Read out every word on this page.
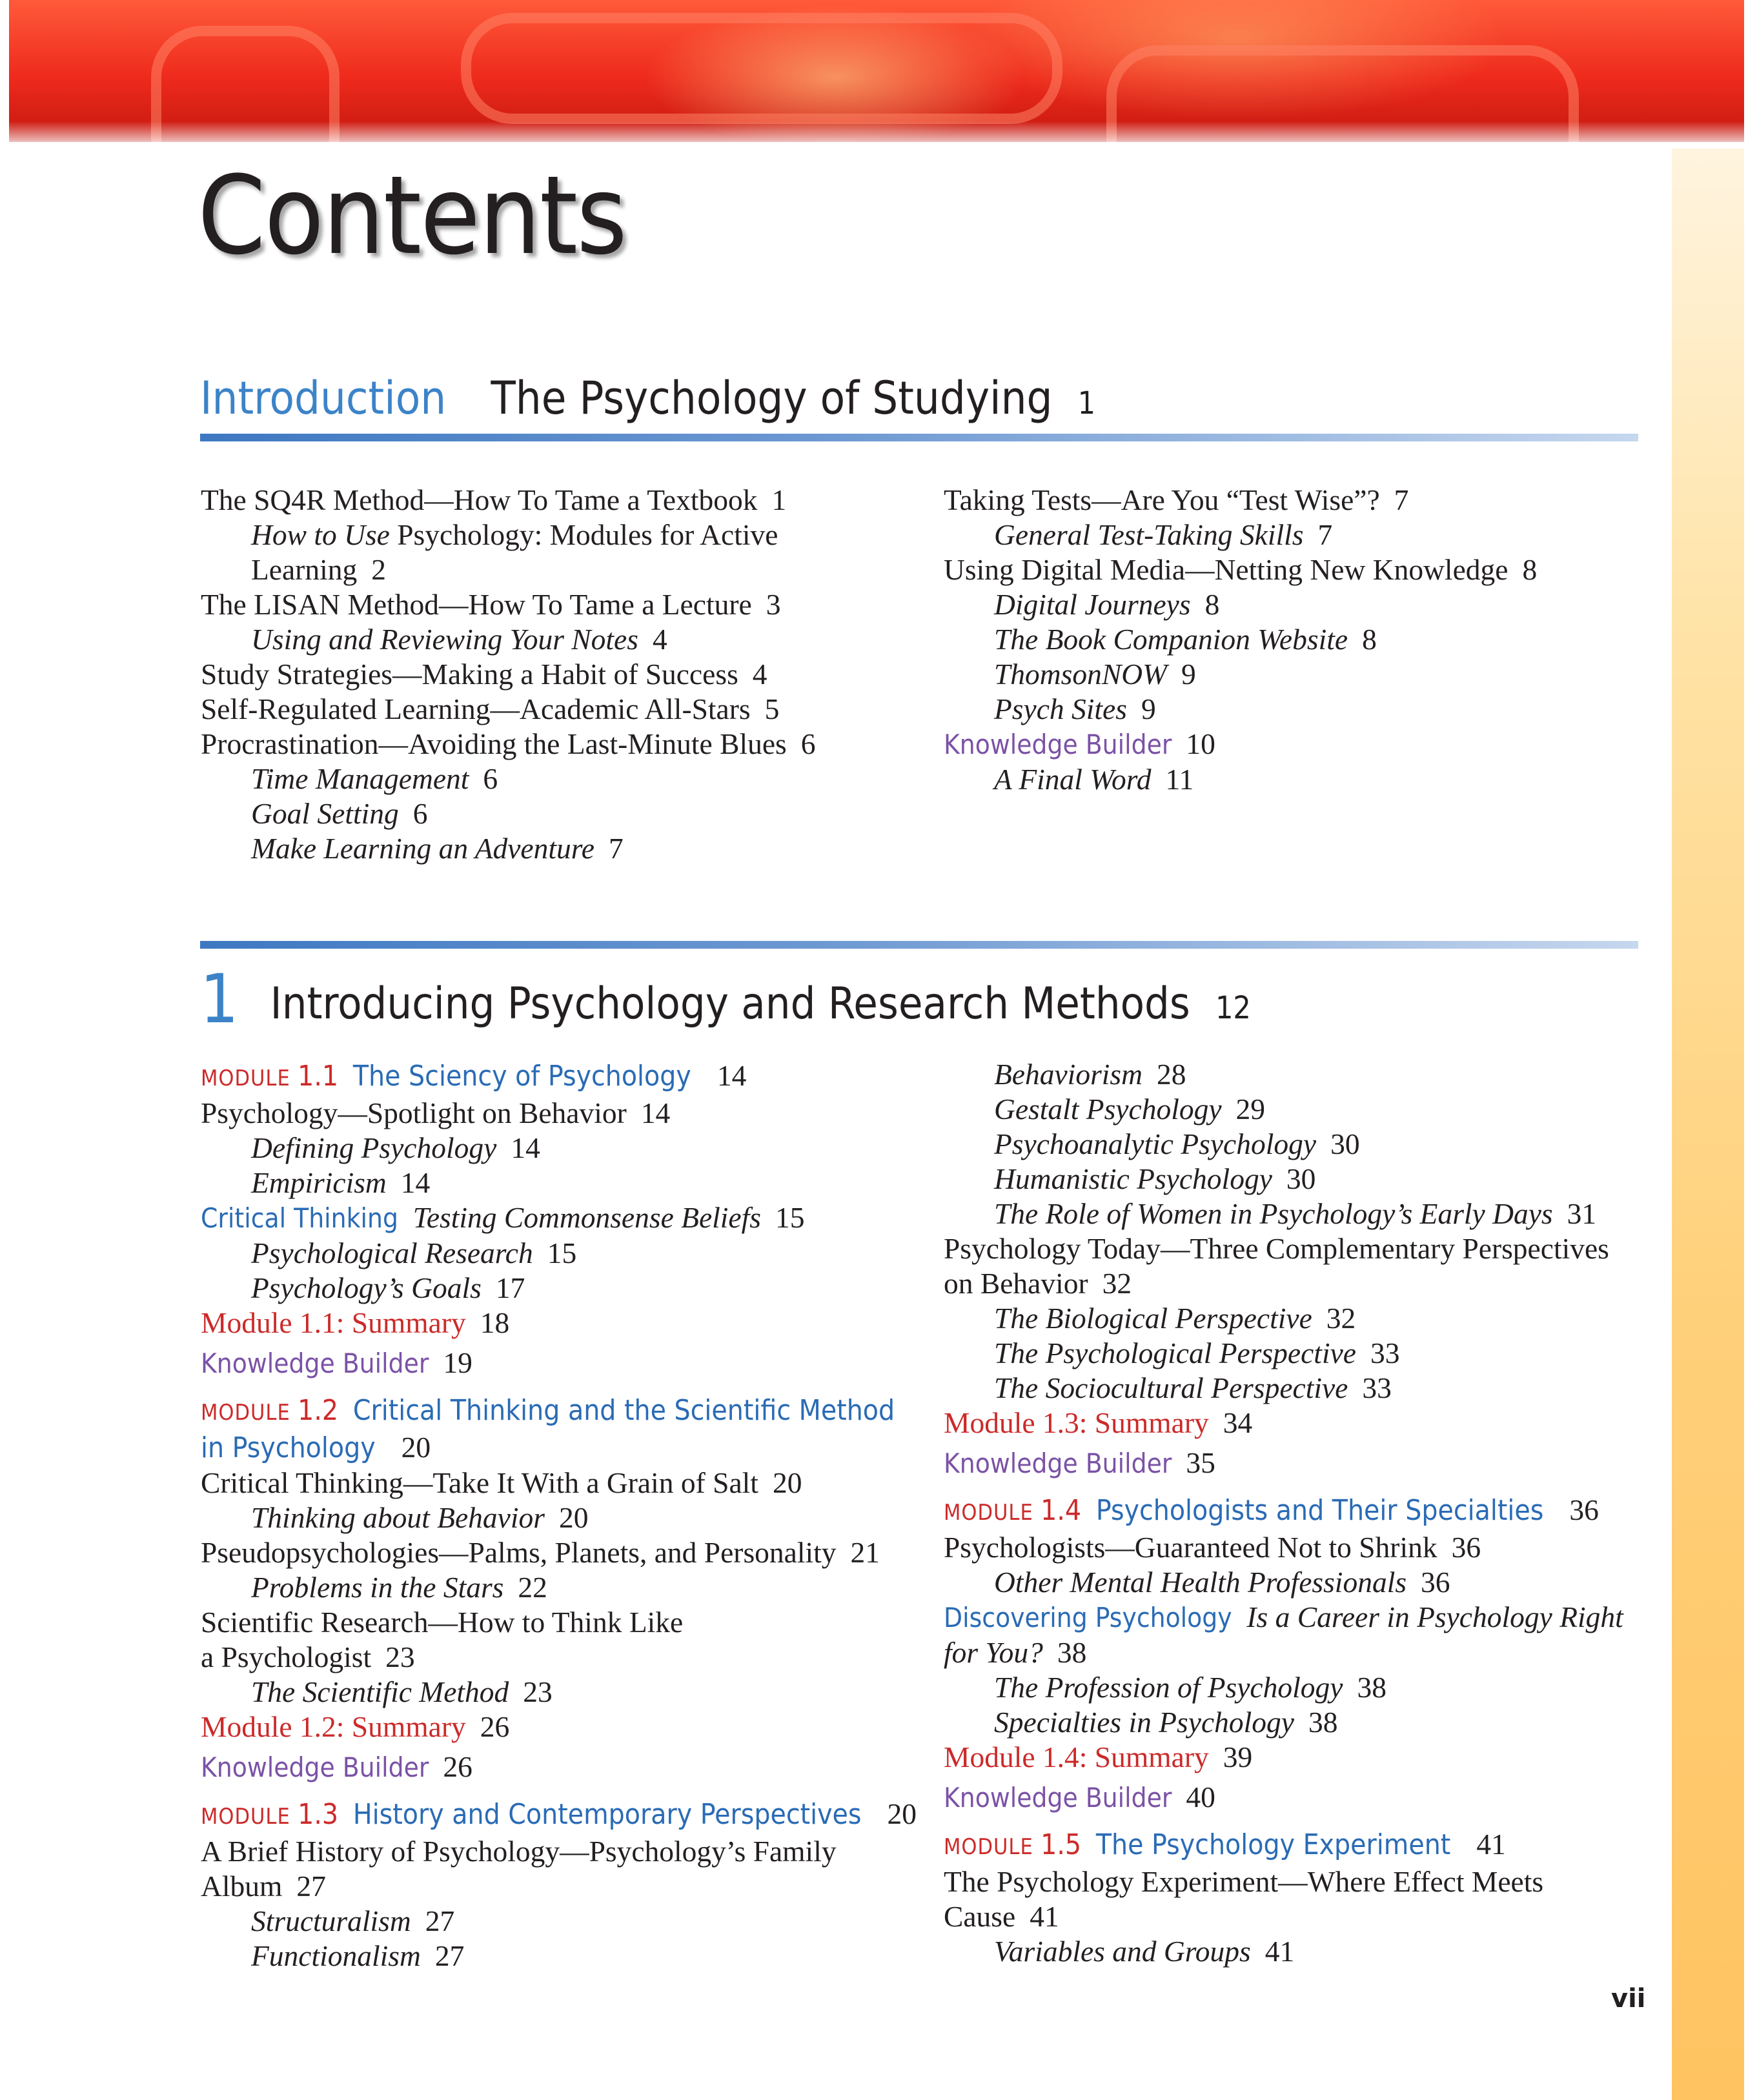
Contents
Introduction The Psychology of Studying 1
The SQ4R Method—How To Tame a Textbook 1
How to Use Psychology: Modules for Active
Learning 2
The LISAN Method—How To Tame a Lecture 3
Using and Reviewing Your Notes 4
Study Strategies—Making a Habit of Success 4
Self-Regulated Learning—Academic All-Stars 5
Procrastination—Avoiding the Last-Minute Blues 6
Time Management 6
Goal Setting 6
Make Learning an Adventure 7
Taking Tests—Are You “Test Wise”? 7
General Test-Taking Skills 7
Using Digital Media—Netting New Knowledge 8
Digital Journeys 8
The Book Companion Website 8
ThomsonNOW 9
Psych Sites 9
Knowledge Builder 10
A Final Word 11
1 Introducing Psychology and Research Methods 12
MODULE 1.1 The Sciency of Psychology 14
Psychology—Spotlight on Behavior 14
Defining Psychology 14
Empiricism 14
Critical Thinking Testing Commonsense Beliefs 15
Psychological Research 15
Psychology’s Goals 17
Module 1.1: Summary 18
Knowledge Builder 19
MODULE 1.2 Critical Thinking and the Scientific Method
in Psychology 20
Critical Thinking—Take It With a Grain of Salt 20
Thinking about Behavior 20
Pseudopsychologies—Palms, Planets, and Personality 21
Problems in the Stars 22
Scientific Research—How to Think Like
a Psychologist 23
The Scientific Method 23
Module 1.2: Summary 26
Knowledge Builder 26
MODULE 1.3 History and Contemporary Perspectives 20
A Brief History of Psychology—Psychology’s Family
Album 27
Structuralism 27
Functionalism 27
Behaviorism 28
Gestalt Psychology 29
Psychoanalytic Psychology 30
Humanistic Psychology 30
The Role of Women in Psychology’s Early Days 31
Psychology Today—Three Complementary Perspectives
on Behavior 32
The Biological Perspective 32
The Psychological Perspective 33
The Sociocultural Perspective 33
Module 1.3: Summary 34
Knowledge Builder 35
MODULE 1.4 Psychologists and Their Specialties 36
Psychologists—Guaranteed Not to Shrink 36
Other Mental Health Professionals 36
Discovering Psychology Is a Career in Psychology Right
for You? 38
The Profession of Psychology 38
Specialties in Psychology 38
Module 1.4: Summary 39
Knowledge Builder 40
MODULE 1.5 The Psychology Experiment 41
The Psychology Experiment—Where Effect Meets
Cause 41
Variables and Groups 41
vii
